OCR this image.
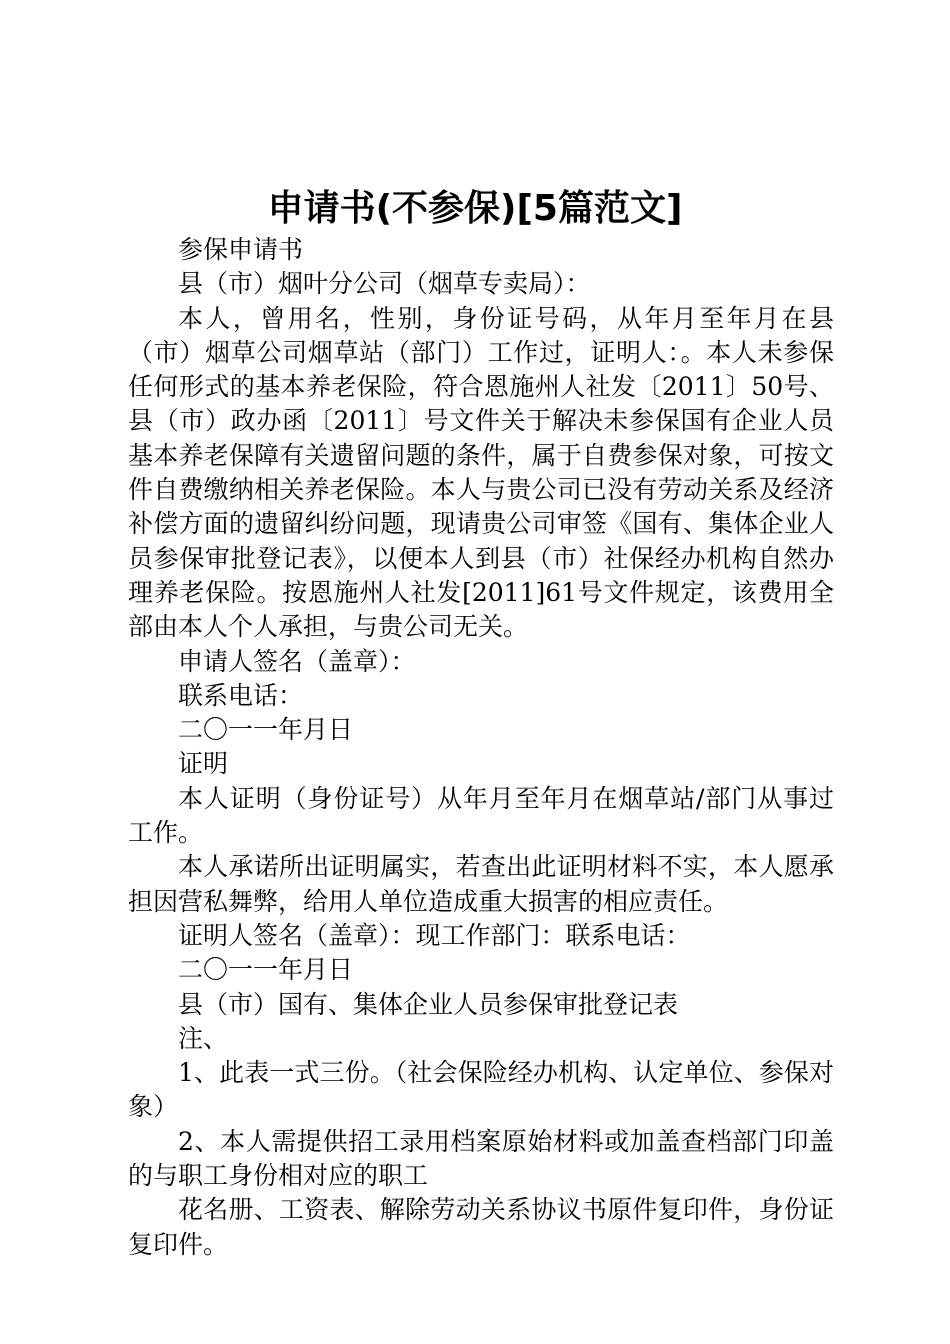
申请书(不参保)[5篇范文]

参保申请书

县（市）烟叶分公司（烟草专卖局）：

本人，曾用名，性别，身份证号码，从年月至年月在县（市）烟草公司烟草站（部门）工作过，证明人：。本人未参保任何形式的基本养老保险，符合恩施州人社发〔2011〕50号、县（市）政办函〔2011〕号文件关于解决未参保国有企业人员基本养老保障有关遗留问题的条件，属于自费参保对象，可按文件自费缴纳相关养老保险。本人与贵公司已没有劳动关系及经济补偿方面的遗留纠纷问题，现请贵公司审签《国有、集体企业人员参保审批登记表》，以便本人到县（市）社保经办机构自然办理养老保险。按恩施州人社发[2011]61号文件规定，该费用全部由本人个人承担，与贵公司无关。

申请人签名（盖章）：

联系电话：

二〇一一年月日

证明

本人证明（身份证号）从年月至年月在烟草站/部门从事过工作。

本人承诺所出证明属实，若查出此证明材料不实，本人愿承担因营私舞弊，给用人单位造成重大损害的相应责任。

证明人签名（盖章）：现工作部门：联系电话：

二〇一一年月日

县（市）国有、集体企业人员参保审批登记表

注、

1、此表一式三份。（社会保险经办机构、认定单位、参保对象）

2、本人需提供招工录用档案原始材料或加盖查档部门印盖的与职工身份相对应的职工

花名册、工资表、解除劳动关系协议书原件复印件，身份证复印件。
